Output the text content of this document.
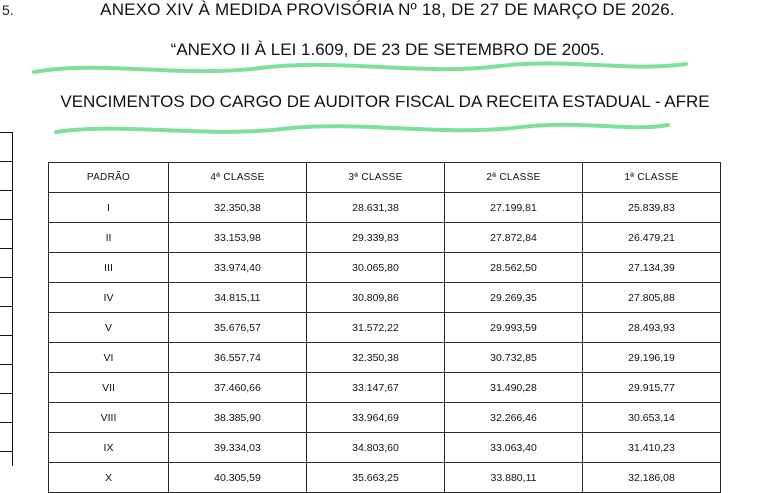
5.	ANEXO XIV À MEDIDA PROVISÓRIA Nº 18, DE 27 DE MARÇO DE 2026.
“ANEXO II À LEI 1.609, DE 23 DE SETEMBRO DE 2005.
VENCIMENTOS DO CARGO DE AUDITOR FISCAL DA RECEITA ESTADUAL - AFRE
PADRÃO	4ª CLASSE	3ª CLASSE	2ª CLASSE	1ª CLASSE
I	32.350,38	28.631,38	27.199,81	25.839,83
II	33.153,98	29.339,83	27.872,84	26.479,21
III	33.974,40	30.065,80	28.562,50	27.134,39
IV	34.815,11	30.809,86	29.269,35	27.805,88
V	35.676,57	31.572,22	29.993,59	28.493,93
VI	36.557,74	32.350,38	30.732,85	29.196,19
VII	37.460,66	33.147,67	31.490,28	29.915,77
VIII	38.385,90	33.964,69	32.266,46	30.653,14
IX	39.334,03	34.803,60	33.063,40	31.410,23
X	40.305,59	35.663,25	33.880,11	32.186,08
